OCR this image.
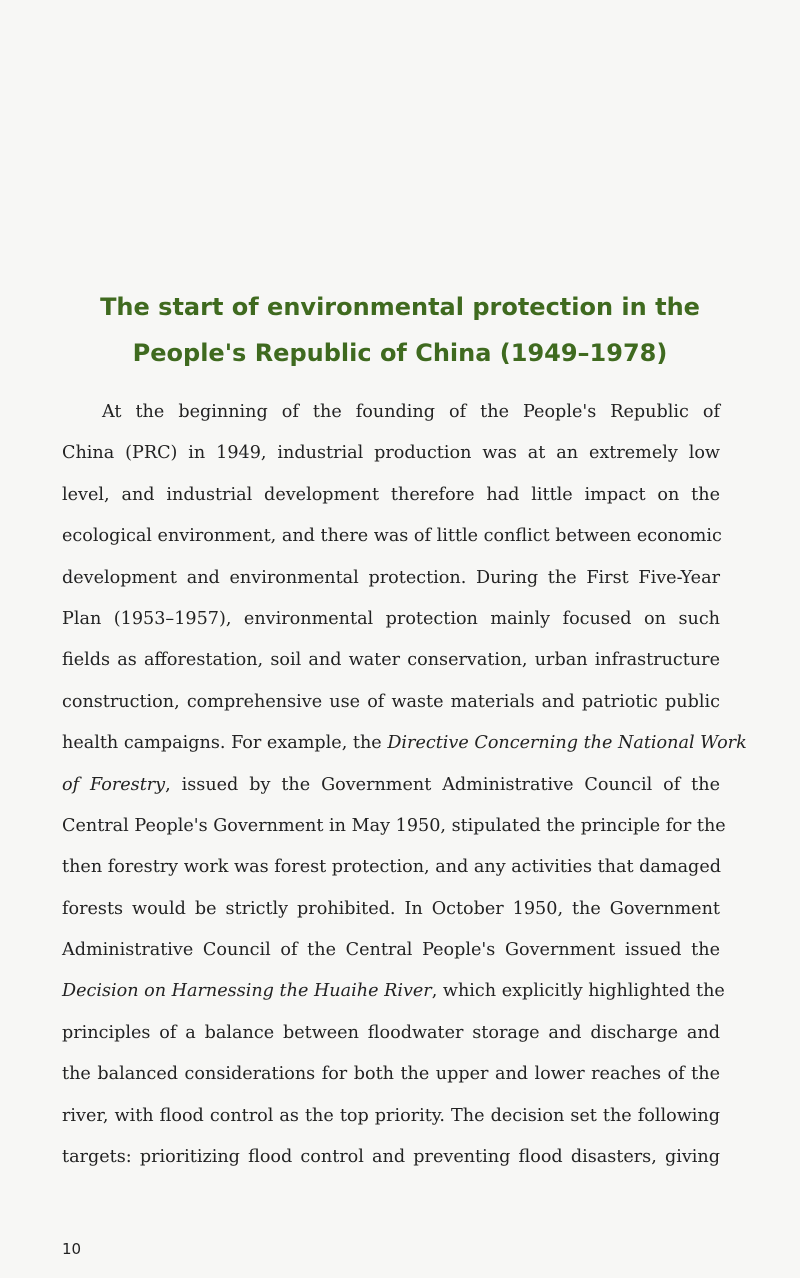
The start of environmental protection in the
People's Republic of China (1949–1978)
At the beginning of the founding of the People's Republic of
China (PRC) in 1949, industrial production was at an extremely low
level, and industrial development therefore had little impact on the
ecological environment, and there was of little conflict between economic
development and environmental protection. During the First Five-Year
Plan (1953–1957), environmental protection mainly focused on such
fields as afforestation, soil and water conservation, urban infrastructure
construction, comprehensive use of waste materials and patriotic public
health campaigns. For example, the Directive Concerning the National Work
of Forestry, issued by the Government Administrative Council of the
Central People's Government in May 1950, stipulated the principle for the
then forestry work was forest protection, and any activities that damaged
forests would be strictly prohibited. In October 1950, the Government
Administrative Council of the Central People's Government issued the
Decision on Harnessing the Huaihe River, which explicitly highlighted the
principles of a balance between floodwater storage and discharge and
the balanced considerations for both the upper and lower reaches of the
river, with flood control as the top priority. The decision set the following
targets: prioritizing flood control and preventing flood disasters, giving
10
